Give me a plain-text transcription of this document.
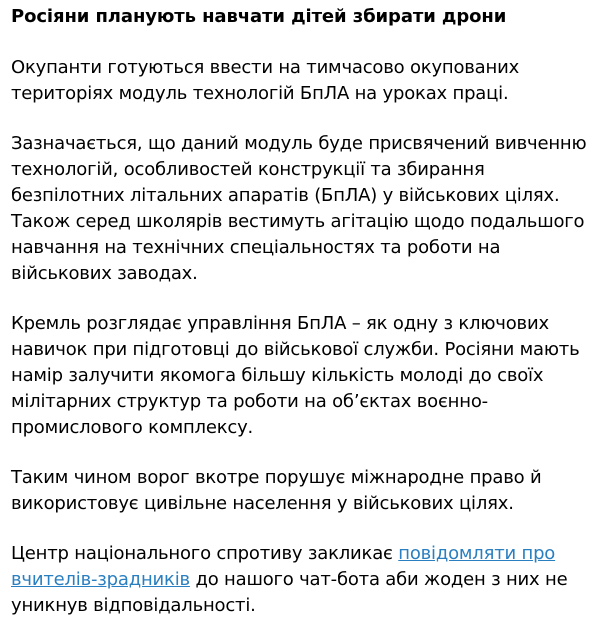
Росіяни планують навчати дітей збирати дрони

Окупанти готуються ввести на тимчасово окупованих територіях модуль технологій БпЛА на уроках праці.

Зазначається, що даний модуль буде присвячений вивченню технологій, особливостей конструкції та збирання безпілотних літальних апаратів (БпЛА) у військових цілях. Також серед школярів вестимуть агітацію щодо подальшого навчання на технічних спеціальностях та роботи на військових заводах.

Кремль розглядає управління БпЛА – як одну з ключових навичок при підготовці до військової служби. Росіяни мають намір залучити якомога більшу кількість молоді до своїх мілітарних структур та роботи на об’єктах воєнно-промислового комплексу.

Таким чином ворог вкотре порушує міжнародне право й використовує цивільне населення у військових цілях.

Центр національного спротиву закликає повідомляти про вчителів-зрадників до нашого чат-бота аби жоден з них не уникнув відповідальності.
